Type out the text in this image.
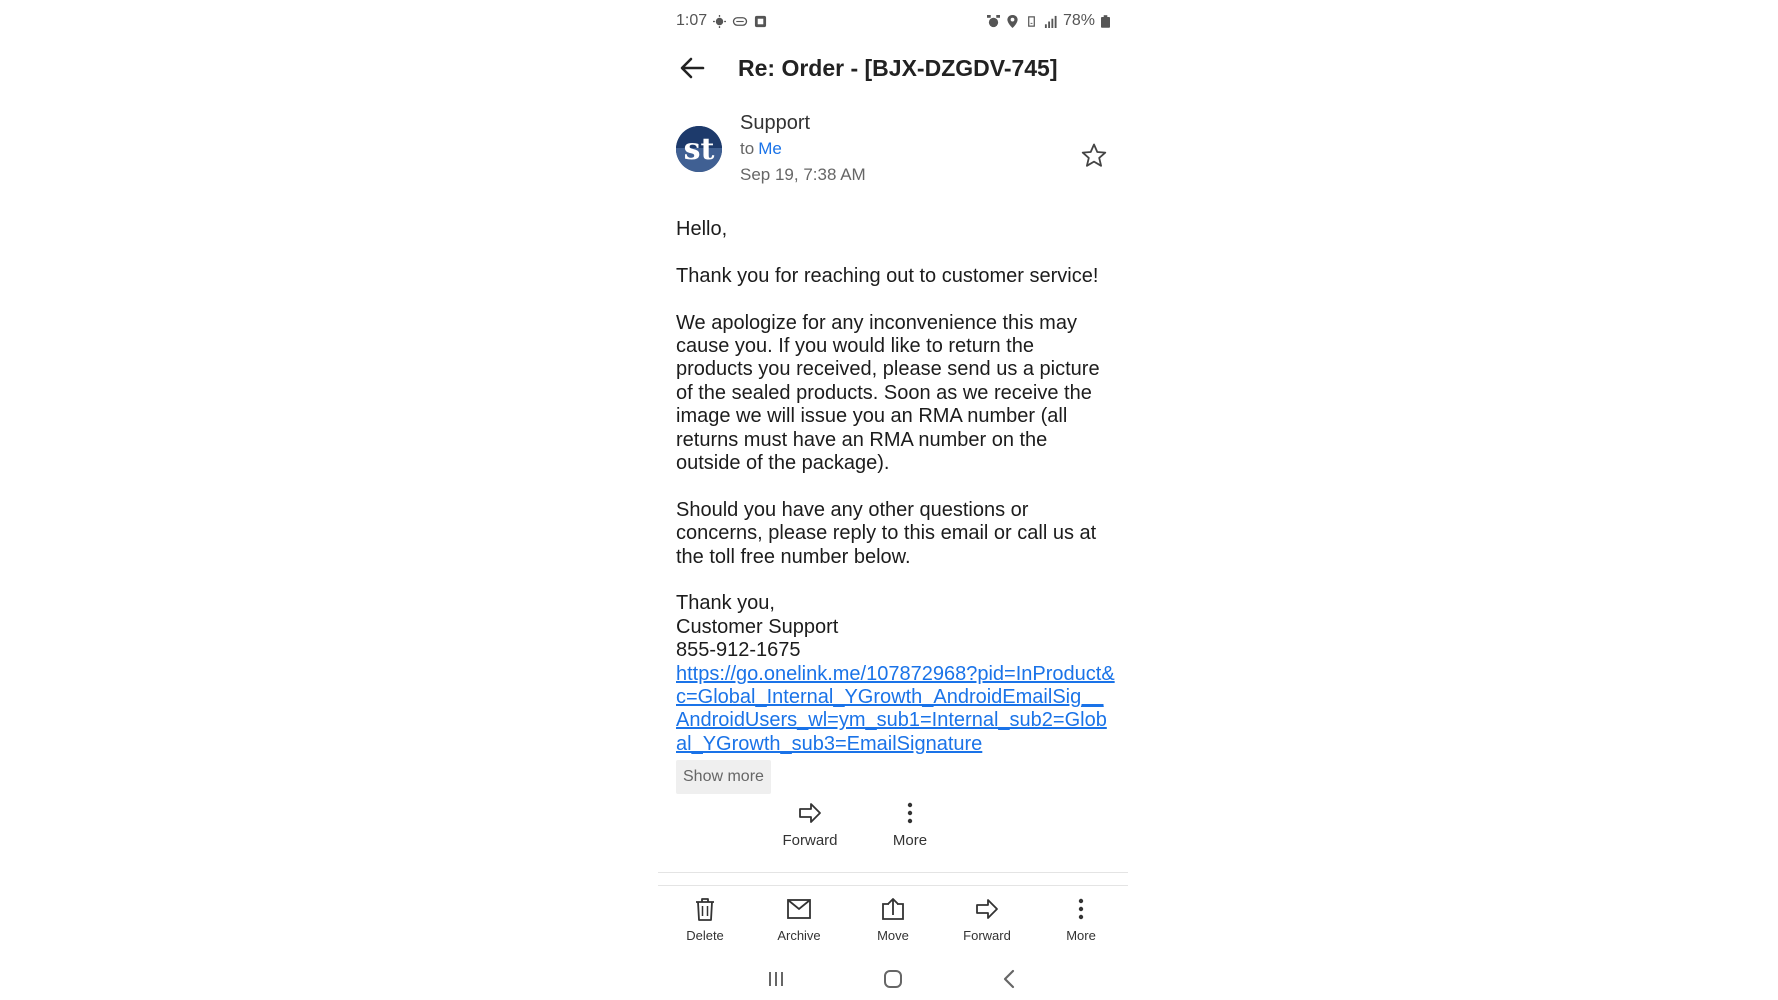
1:07	78%
Re: Order - [BJX-DZGDV-745]
st
Support
to Me
Sep 19, 7:38 AM

Hello,

Thank you for reaching out to customer service!

We apologize for any inconvenience this may cause you. If you would like to return the products you received, please send us a picture of the sealed products. Soon as we receive the image we will issue you an RMA number (all returns must have an RMA number on the outside of the package).

Should you have any other questions or concerns, please reply to this email or call us at the toll free number below.

Thank you,

Customer Support

855-912-1675

https://go.onelink.me/107872968?pid=InProduct&c=Global_Internal_YGrowth_AndroidEmailSig__AndroidUsers_wl=ym_sub1=Internal_sub2=Global_YGrowth_sub3=EmailSignature
Show more
Forward	More
Delete	Archive	Move	Forward	More
